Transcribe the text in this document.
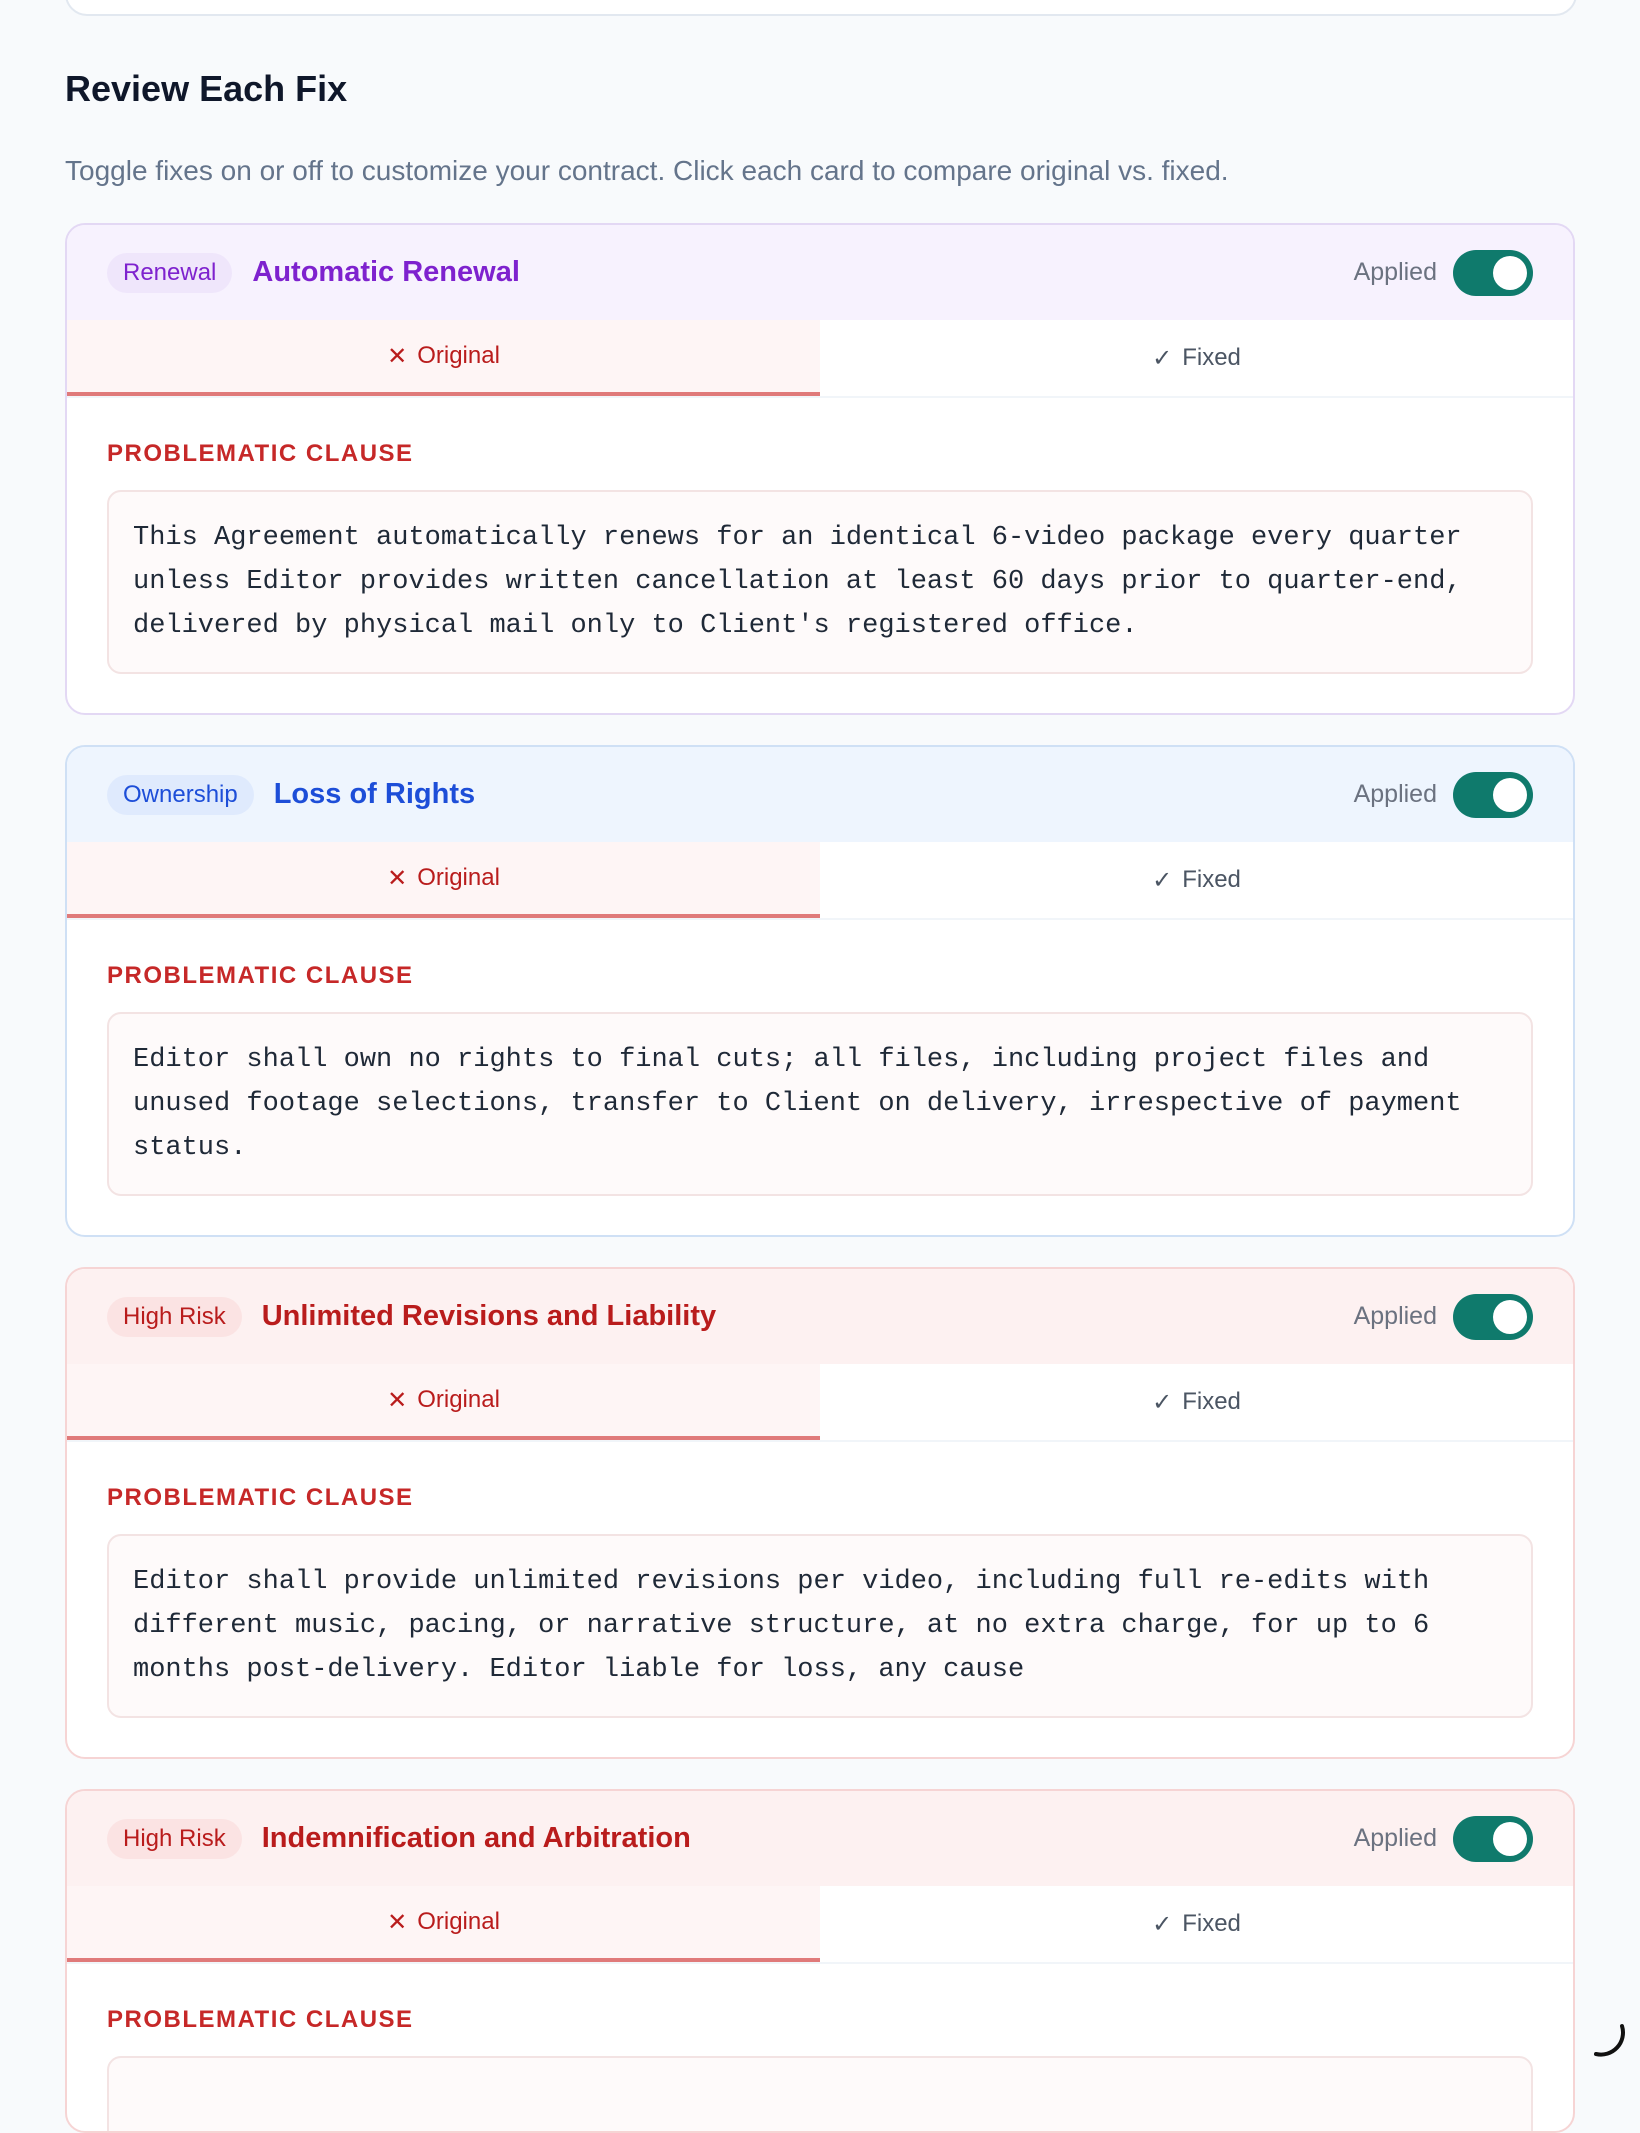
Review Each Fix

Toggle fixes on or off to customize your contract. Click each card to compare original vs. fixed.

Renewal	Automatic Renewal	Applied
✕ Original	✓ Fixed
PROBLEMATIC CLAUSE
This Agreement automatically renews for an identical 6-video package every quarter unless Editor provides written cancellation at least 60 days prior to quarter-end, delivered by physical mail only to Client's registered office.
Ownership	Loss of Rights	Applied
✕ Original	✓ Fixed
PROBLEMATIC CLAUSE
Editor shall own no rights to final cuts; all files, including project files and unused footage selections, transfer to Client on delivery, irrespective of payment status.
High Risk	Unlimited Revisions and Liability	Applied
✕ Original	✓ Fixed
PROBLEMATIC CLAUSE
Editor shall provide unlimited revisions per video, including full re-edits with different music, pacing, or narrative structure, at no extra charge, for up to 6 months post-delivery. Editor liable for loss, any cause
High Risk	Indemnification and Arbitration	Applied
✕ Original	✓ Fixed
PROBLEMATIC CLAUSE
